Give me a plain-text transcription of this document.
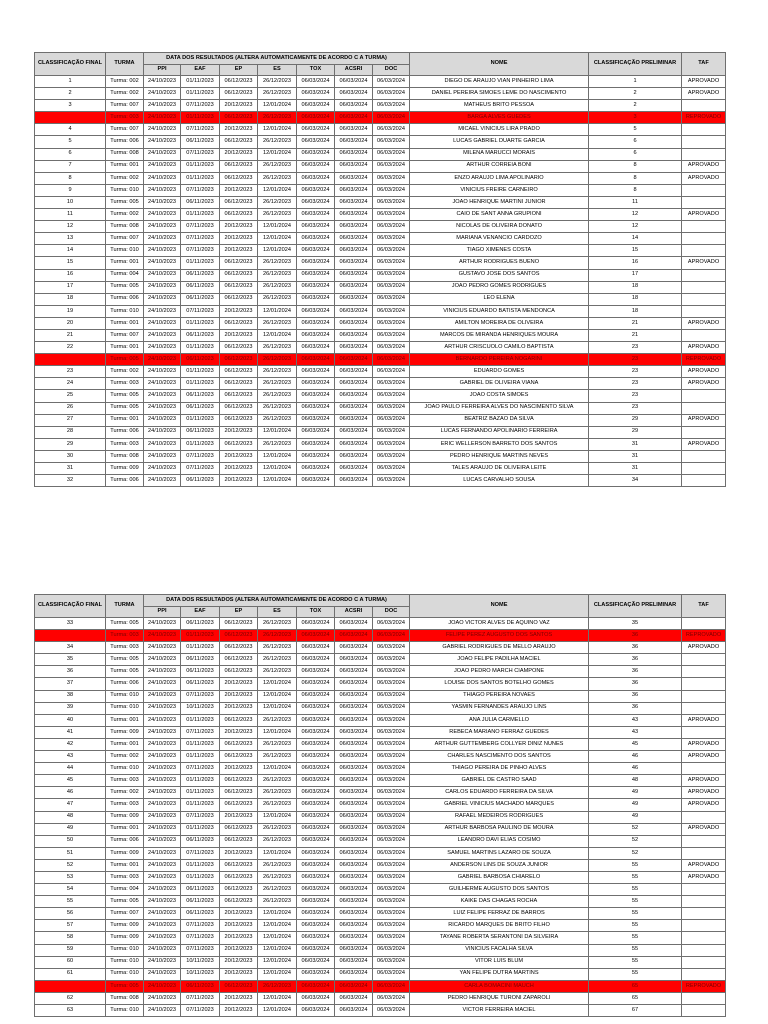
CLASSIFICAÇÃO FINAL	TURMA	DATA DOS RESULTADOS (ALTERA AUTOMATICAMENTE DE ACORDO C A TURMA)							NOME	CLASSIFICAÇÃO PRELIMINAR	TAF
		PPI	EAF	EP	ES	TOX	ACSRI	DOC			
1	Turma: 002	24/10/2023	01/11/2023	06/12/2023	26/12/2023	06/03/2024	06/03/2024	06/03/2024	DIEGO DE ARAUJO VIAN PINHEIRO LIMA	1	APROVADO
2	Turma: 002	24/10/2023	01/11/2023	06/12/2023	26/12/2023	06/03/2024	06/03/2024	06/03/2024	DANIEL PEREIRA SIMOES LEME DO NASCIMENTO	2	APROVADO
3	Turma: 007	24/10/2023	07/11/2023	20/12/2023	12/01/2024	06/03/2024	06/03/2024	06/03/2024	MATHEUS BRITO PESSOA	2	
	Turma: 003	24/10/2023	01/11/2023	06/12/2023	26/12/2023	06/03/2024	06/03/2024	06/03/2024	BARGA ALVES GUEDES	3	REPROVADO
4	Turma: 007	24/10/2023	07/11/2023	20/12/2023	12/01/2024	06/03/2024	06/03/2024	06/03/2024	MICAEL VINICIUS LIRA PRADO	5	
5	Turma: 006	24/10/2023	06/11/2023	06/12/2023	26/12/2023	06/03/2024	06/03/2024	06/03/2024	LUCAS GABRIEL DUARTE GARCIA	6	
6	Turma: 008	24/10/2023	07/11/2023	20/12/2023	12/01/2024	06/03/2024	06/03/2024	06/03/2024	MILENA MARUCCI MORAIS	6	
7	Turma: 001	24/10/2023	01/11/2023	06/12/2023	26/12/2023	06/03/2024	06/03/2024	06/03/2024	ARTHUR CORREIA BONI	8	APROVADO
8	Turma: 002	24/10/2023	01/11/2023	06/12/2023	26/12/2023	06/03/2024	06/03/2024	06/03/2024	ENZO ARAUJO LIMA APOLINARIO	8	APROVADO
9	Turma: 010	24/10/2023	07/11/2023	20/12/2023	12/01/2024	06/03/2024	06/03/2024	06/03/2024	VINICIUS FREIRE CARNEIRO	8	
10	Turma: 005	24/10/2023	06/11/2023	06/12/2023	26/12/2023	06/03/2024	06/03/2024	06/03/2024	JOAO HENRIQUE MARTINI JUNIOR	11	
11	Turma: 002	24/10/2023	01/11/2023	06/12/2023	26/12/2023	06/03/2024	06/03/2024	06/03/2024	CAIO DE SANT ANNA GRUPIONI	12	APROVADO
12	Turma: 008	24/10/2023	07/11/2023	20/12/2023	12/01/2024	06/03/2024	06/03/2024	06/03/2024	NICOLAS DE OLIVEIRA DONATO	12	
13	Turma: 007	24/10/2023	07/11/2023	20/12/2023	12/01/2024	06/03/2024	06/03/2024	06/03/2024	MARIANA VENANCIO CARDOZO	14	
14	Turma: 010	24/10/2023	07/11/2023	20/12/2023	12/01/2024	06/03/2024	06/03/2024	06/03/2024	TIAGO XIMENES COSTA	15	
15	Turma: 001	24/10/2023	01/11/2023	06/12/2023	26/12/2023	06/03/2024	06/03/2024	06/03/2024	ARTHUR RODRIGUES BUENO	16	APROVADO
16	Turma: 004	24/10/2023	06/11/2023	06/12/2023	26/12/2023	06/03/2024	06/03/2024	06/03/2024	GUSTAVO JOSE DOS SANTOS	17	
17	Turma: 005	24/10/2023	06/11/2023	06/12/2023	26/12/2023	06/03/2024	06/03/2024	06/03/2024	JOAO PEDRO GOMES RODRIGUES	18	
18	Turma: 006	24/10/2023	06/11/2023	06/12/2023	26/12/2023	06/03/2024	06/03/2024	06/03/2024	LEO ELENA	18	
19	Turma: 010	24/10/2023	07/11/2023	20/12/2023	12/01/2024	06/03/2024	06/03/2024	06/03/2024	VINICIUS EDUARDO BATISTA MENDONCA	18	
20	Turma: 001	24/10/2023	01/11/2023	06/12/2023	26/12/2023	06/03/2024	06/03/2024	06/03/2024	AMILTON MOREIRA DE OLIVEIRA	21	APROVADO
21	Turma: 007	24/10/2023	06/11/2023	20/12/2023	12/01/2024	06/03/2024	06/03/2024	06/03/2024	MARCOS DE MIRANDA HENRIQUES MOURA	21	
22	Turma: 001	24/10/2023	01/11/2023	06/12/2023	26/12/2023	06/03/2024	06/03/2024	06/03/2024	ARTHUR CRISCUOLO CAMILO BAPTISTA	23	APROVADO
	Turma: 005	24/10/2023	06/11/2023	06/12/2023	26/12/2023	06/03/2024	06/03/2024	06/03/2024	BERNARDO PEREIRA NOGARINI	23	REPROVADO
23	Turma: 002	24/10/2023	01/11/2023	06/12/2023	26/12/2023	06/03/2024	06/03/2024	06/03/2024	EDUARDO GOMES	23	APROVADO
24	Turma: 003	24/10/2023	01/11/2023	06/12/2023	26/12/2023	06/03/2024	06/03/2024	06/03/2024	GABRIEL DE OLIVEIRA VIANA	23	APROVADO
25	Turma: 005	24/10/2023	06/11/2023	06/12/2023	26/12/2023	06/03/2024	06/03/2024	06/03/2024	JOAO COSTA SIMOES	23	
26	Turma: 005	24/10/2023	06/11/2023	06/12/2023	26/12/2023	06/03/2024	06/03/2024	06/03/2024	JOAO PAULO FERREIRA ALVES DO NASCIMENTO SILVA	23	
27	Turma: 001	24/10/2023	01/11/2023	06/12/2023	26/12/2023	06/03/2024	06/03/2024	06/03/2024	BEATRIZ BAZAO DA SILVA	29	APROVADO
28	Turma: 006	24/10/2023	06/11/2023	20/12/2023	12/01/2024	06/03/2024	06/03/2024	06/03/2024	LUCAS FERNANDO APOLINARIO FERREIRA	29	
29	Turma: 003	24/10/2023	01/11/2023	06/12/2023	26/12/2023	06/03/2024	06/03/2024	06/03/2024	ERIC WELLERSON BARRETO DOS SANTOS	31	APROVADO
30	Turma: 008	24/10/2023	07/11/2023	20/12/2023	12/01/2024	06/03/2024	06/03/2024	06/03/2024	PEDRO HENRIQUE MARTINS NEVES	31	
31	Turma: 009	24/10/2023	07/11/2023	20/12/2023	12/01/2024	06/03/2024	06/03/2024	06/03/2024	TALES ARAUJO DE OLIVEIRA LEITE	31	
32	Turma: 006	24/10/2023	06/11/2023	20/12/2023	12/01/2024	06/03/2024	06/03/2024	06/03/2024	LUCAS CARVALHO SOUSA	34	
CLASSIFICAÇÃO FINAL	TURMA	DATA DOS RESULTADOS (ALTERA AUTOMATICAMENTE DE ACORDO C A TURMA)							NOME	CLASSIFICAÇÃO PRELIMINAR	TAF
		PPI	EAF	EP	ES	TOX	ACSRI	DOC			
33	Turma: 005	24/10/2023	06/11/2023	06/12/2023	26/12/2023	06/03/2024	06/03/2024	06/03/2024	JOAO VICTOR ALVES DE AQUINO VAZ	35	
	Turma: 003	24/10/2023	01/11/2023	06/12/2023	26/12/2023	06/03/2024	06/03/2024	06/03/2024	FELIPE PEREZ AUGUSTO DOS SANTOS	36	REPROVADO
34	Turma: 003	24/10/2023	01/11/2023	06/12/2023	26/12/2023	06/03/2024	06/03/2024	06/03/2024	GABRIEL RODRIGUES DE MELLO ARAUJO	36	APROVADO
35	Turma: 005	24/10/2023	06/11/2023	06/12/2023	26/12/2023	06/03/2024	06/03/2024	06/03/2024	JOAO FELIPE PADILHA MACIEL	36	
36	Turma: 005	24/10/2023	06/11/2023	06/12/2023	26/12/2023	06/03/2024	06/03/2024	06/03/2024	JOAO PEDRO MARCH CIAMPONE	36	
37	Turma: 006	24/10/2023	06/11/2023	20/12/2023	12/01/2024	06/03/2024	06/03/2024	06/03/2024	LOUISE DOS SANTOS BOTELHO GOMES	36	
38	Turma: 010	24/10/2023	07/11/2023	20/12/2023	12/01/2024	06/03/2024	06/03/2024	06/03/2024	THIAGO PEREIRA NOVAES	36	
39	Turma: 010	24/10/2023	10/11/2023	20/12/2023	12/01/2024	06/03/2024	06/03/2024	06/03/2024	YASMIN FERNANDES ARAUJO LINS	36	
40	Turma: 001	24/10/2023	01/11/2023	06/12/2023	26/12/2023	06/03/2024	06/03/2024	06/03/2024	ANA JULIA CARMELLO	43	APROVADO
41	Turma: 009	24/10/2023	07/11/2023	20/12/2023	12/01/2024	06/03/2024	06/03/2024	06/03/2024	REBECA MARIANO FERRAZ GUEDES	43	
42	Turma: 001	24/10/2023	01/11/2023	06/12/2023	26/12/2023	06/03/2024	06/03/2024	06/03/2024	ARTHUR GUTTEMBERG COLLYER DINIZ NUNES	45	APROVADO
43	Turma: 002	24/10/2023	01/11/2023	06/12/2023	26/12/2023	06/03/2024	06/03/2024	06/03/2024	CHARLES NASCIMENTO DOS SANTOS	46	APROVADO
44	Turma: 010	24/10/2023	07/11/2023	20/12/2023	12/01/2024	06/03/2024	06/03/2024	06/03/2024	THIAGO PEREIRA DE PINHO ALVES	46	
45	Turma: 003	24/10/2023	01/11/2023	06/12/2023	26/12/2023	06/03/2024	06/03/2024	06/03/2024	GABRIEL DE CASTRO SAAD	48	APROVADO
46	Turma: 002	24/10/2023	01/11/2023	06/12/2023	26/12/2023	06/03/2024	06/03/2024	06/03/2024	CARLOS EDUARDO FERREIRA DA SILVA	49	APROVADO
47	Turma: 003	24/10/2023	01/11/2023	06/12/2023	26/12/2023	06/03/2024	06/03/2024	06/03/2024	GABRIEL VINICIUS MACHADO MARQUES	49	APROVADO
48	Turma: 009	24/10/2023	07/11/2023	20/12/2023	12/01/2024	06/03/2024	06/03/2024	06/03/2024	RAFAEL MEDEIROS RODRIGUES	49	
49	Turma: 001	24/10/2023	01/11/2023	06/12/2023	26/12/2023	06/03/2024	06/03/2024	06/03/2024	ARTHUR BARBOSA PAULINO DE MOURA	52	APROVADO
50	Turma: 006	24/10/2023	06/11/2023	06/12/2023	26/12/2023	06/03/2024	06/03/2024	06/03/2024	LEANDRO DAVI ELIAS COSIMO	52	
51	Turma: 009	24/10/2023	07/11/2023	20/12/2023	12/01/2024	06/03/2024	06/03/2024	06/03/2024	SAMUEL MARTINS LAZARO DE SOUZA	52	
52	Turma: 001	24/10/2023	01/11/2023	06/12/2023	26/12/2023	06/03/2024	06/03/2024	06/03/2024	ANDERSON LINS DE SOUZA JUNIOR	55	APROVADO
53	Turma: 003	24/10/2023	01/11/2023	06/12/2023	26/12/2023	06/03/2024	06/03/2024	06/03/2024	GABRIEL BARBOSA CHIARELO	55	APROVADO
54	Turma: 004	24/10/2023	06/11/2023	06/12/2023	26/12/2023	06/03/2024	06/03/2024	06/03/2024	GUILHERME AUGUSTO DOS SANTOS	55	
55	Turma: 005	24/10/2023	06/11/2023	06/12/2023	26/12/2023	06/03/2024	06/03/2024	06/03/2024	KAIKE DAS CHAGAS ROCHA	55	
56	Turma: 007	24/10/2023	06/11/2023	20/12/2023	12/01/2024	06/03/2024	06/03/2024	06/03/2024	LUIZ FELIPE FERRAZ DE BARROS	55	
57	Turma: 009	24/10/2023	07/11/2023	20/12/2023	12/01/2024	06/03/2024	06/03/2024	06/03/2024	RICARDO MARQUES DE BRITO FILHO	55	
58	Turma: 009	24/10/2023	07/11/2023	20/12/2023	12/01/2024	06/03/2024	06/03/2024	06/03/2024	TAYANE ROBERTA SERANTONI DA SILVEIRA	55	
59	Turma: 010	24/10/2023	07/11/2023	20/12/2023	12/01/2024	06/03/2024	06/03/2024	06/03/2024	VINICIUS FACALHA SILVA	55	
60	Turma: 010	24/10/2023	10/11/2023	20/12/2023	12/01/2024	06/03/2024	06/03/2024	06/03/2024	VITOR LUIS BLUM	55	
61	Turma: 010	24/10/2023	10/11/2023	20/12/2023	12/01/2024	06/03/2024	06/03/2024	06/03/2024	YAN FELIPE DUTRA MARTINS	55	
	Turma: 005	24/10/2023	06/11/2023	06/12/2023	26/12/2023	06/03/2024	06/03/2024	06/03/2024	CARLA BOMACINI MAUCH	65	REPROVADO
62	Turma: 008	24/10/2023	07/11/2023	20/12/2023	12/01/2024	06/03/2024	06/03/2024	06/03/2024	PEDRO HENRIQUE TURONI ZAPAROLI	65	
63	Turma: 010	24/10/2023	07/11/2023	20/12/2023	12/01/2024	06/03/2024	06/03/2024	06/03/2024	VICTOR FERREIRA MACIEL	67	
